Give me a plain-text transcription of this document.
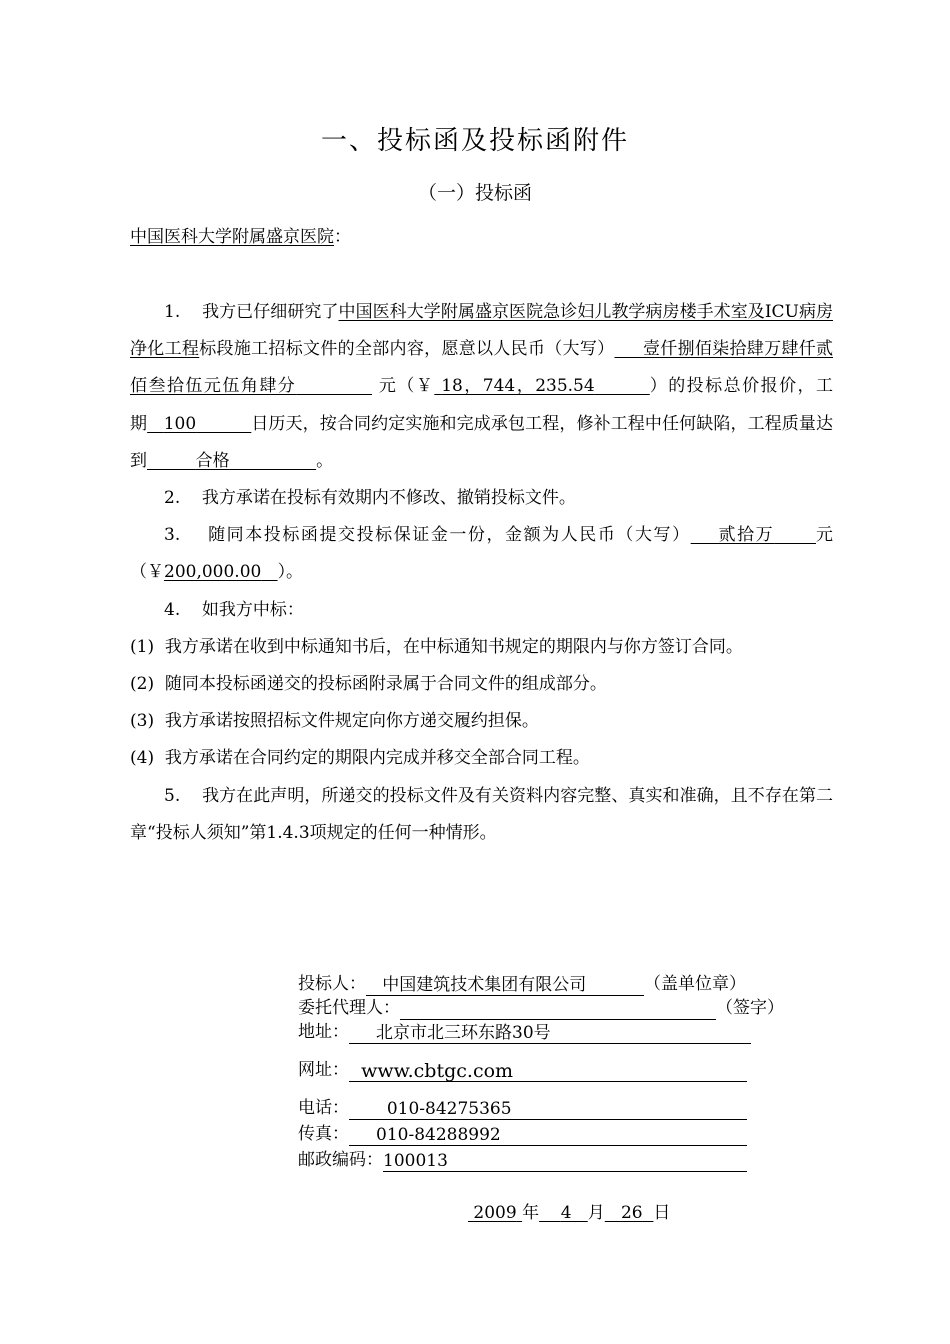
一、投标函及投标函附件
（一）投标函
中国医科大学附属盛京医院：

1. 我方已仔细研究了中国医科大学附属盛京医院急诊妇儿教学病房楼手术室及ICU病房净化工程标段施工招标文件的全部内容，愿意以人民币（大写） 壹仟捌佰柒拾肆万肆仟贰佰叁拾伍元伍角肆分	元（￥ 18，744，235.54	）的投标总价报价，工期 100	日历天，按合同约定实施和完成承包工程，修补工程中任何缺陷，工程质量达到	合格	。

2. 我方承诺在投标有效期内不修改、撤销投标文件。

3. 随同本投标函提交投标保证金一份，金额为人民币（大写） 贰拾万 元（￥200,000.00 ）。

4. 如我方中标：

(1) 我方承诺在收到中标通知书后，在中标通知书规定的期限内与你方签订合同。

(2) 随同本投标函递交的投标函附录属于合同文件的组成部分。

(3) 我方承诺按照招标文件规定向你方递交履约担保。

(4) 我方承诺在合同约定的期限内完成并移交全部合同工程。

5. 我方在此声明，所递交的投标文件及有关资料内容完整、真实和准确，且不存在第二章“投标人须知”第1.4.3项规定的任何一种情形。

投标人： 中国建筑技术集团有限公司	（盖单位章）
委托代理人：	（签字）
地址： 北京市北三环东路30号
网址： www.cbtgc.com
电话： 010-84275365
传真： 010-84288992
邮政编码：100013
2009 年 4 月 26 日
